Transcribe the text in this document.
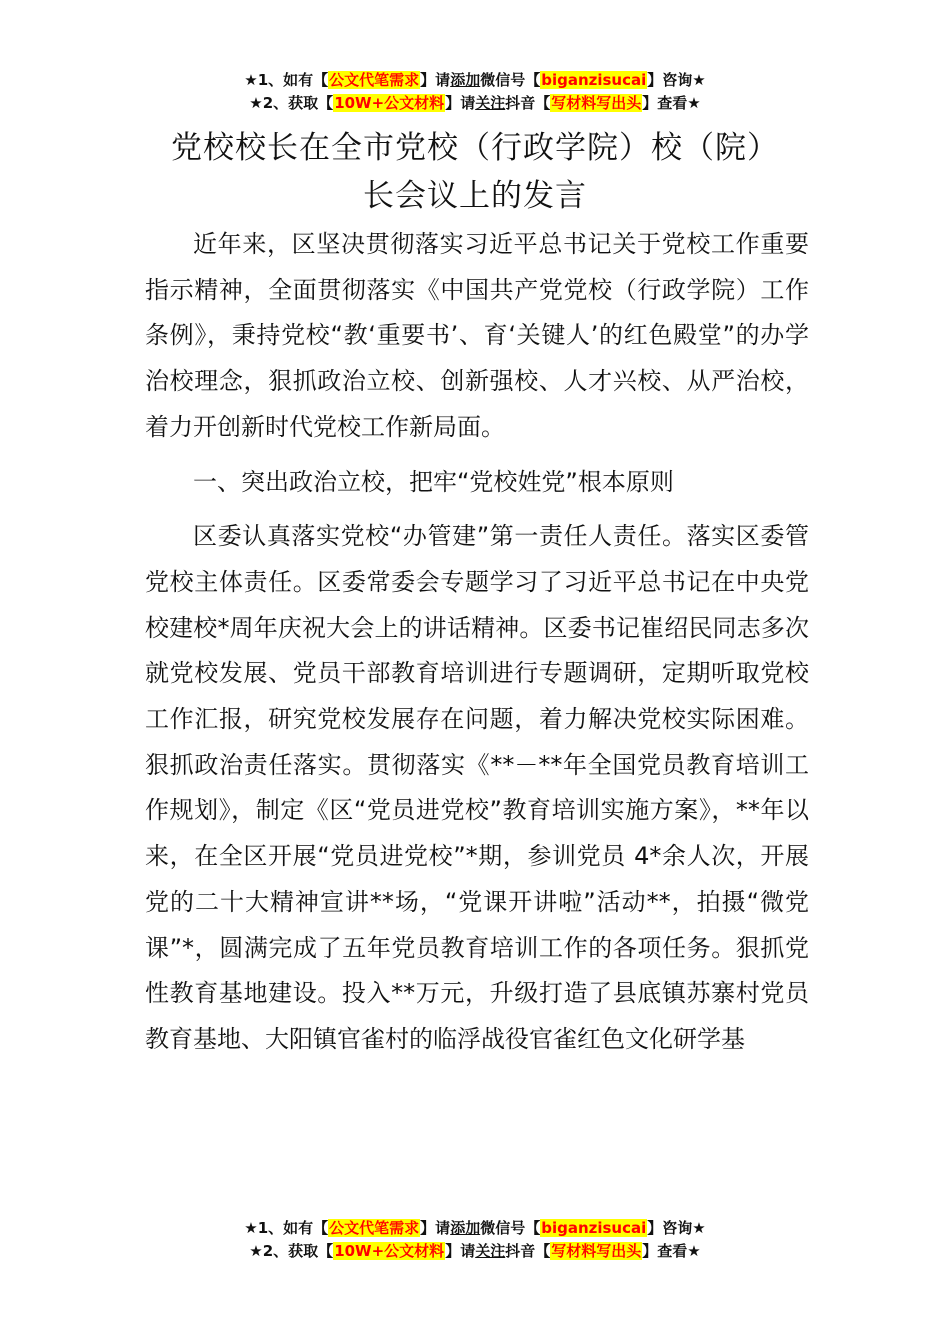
★1、如有【公文代笔需求】请添加微信号【biganzisucai】咨询★
★2、获取【10W+公文材料】请关注抖音【写材料写出头】查看★
党校校长在全市党校（行政学院）校（院）
长会议上的发言

近年来，区坚决贯彻落实习近平总书记关于党校工作重要指示精神，全面贯彻落实《中国共产党党校（行政学院）工作条例》，秉持党校“教‘重要书’、育‘关键人’的红色殿堂”的办学治校理念，狠抓政治立校、创新强校、人才兴校、从严治校，着力开创新时代党校工作新局面。

一、突出政治立校，把牢“党校姓党”根本原则

区委认真落实党校“办管建”第一责任人责任。落实区委管党校主体责任。区委常委会专题学习了习近平总书记在中央党校建校*周年庆祝大会上的讲话精神。区委书记崔绍民同志多次就党校发展、党员干部教育培训进行专题调研，定期听取党校工作汇报，研究党校发展存在问题，着力解决党校实际困难。狠抓政治责任落实。贯彻落实《**－**年全国党员教育培训工作规划》，制定《区“党员进党校”教育培训实施方案》，**年以来，在全区开展“党员进党校”*期，参训党员 4*余人次，开展党的二十大精神宣讲**场，“党课开讲啦”活动**，拍摄“微党课”*，圆满完成了五年党员教育培训工作的各项任务。狠抓党性教育基地建设。投入**万元，升级打造了县底镇苏寨村党员教育基地、大阳镇官雀村的临浮战役官雀红色文化研学基

★1、如有【公文代笔需求】请添加微信号【biganzisucai】咨询★
★2、获取【10W+公文材料】请关注抖音【写材料写出头】查看★
